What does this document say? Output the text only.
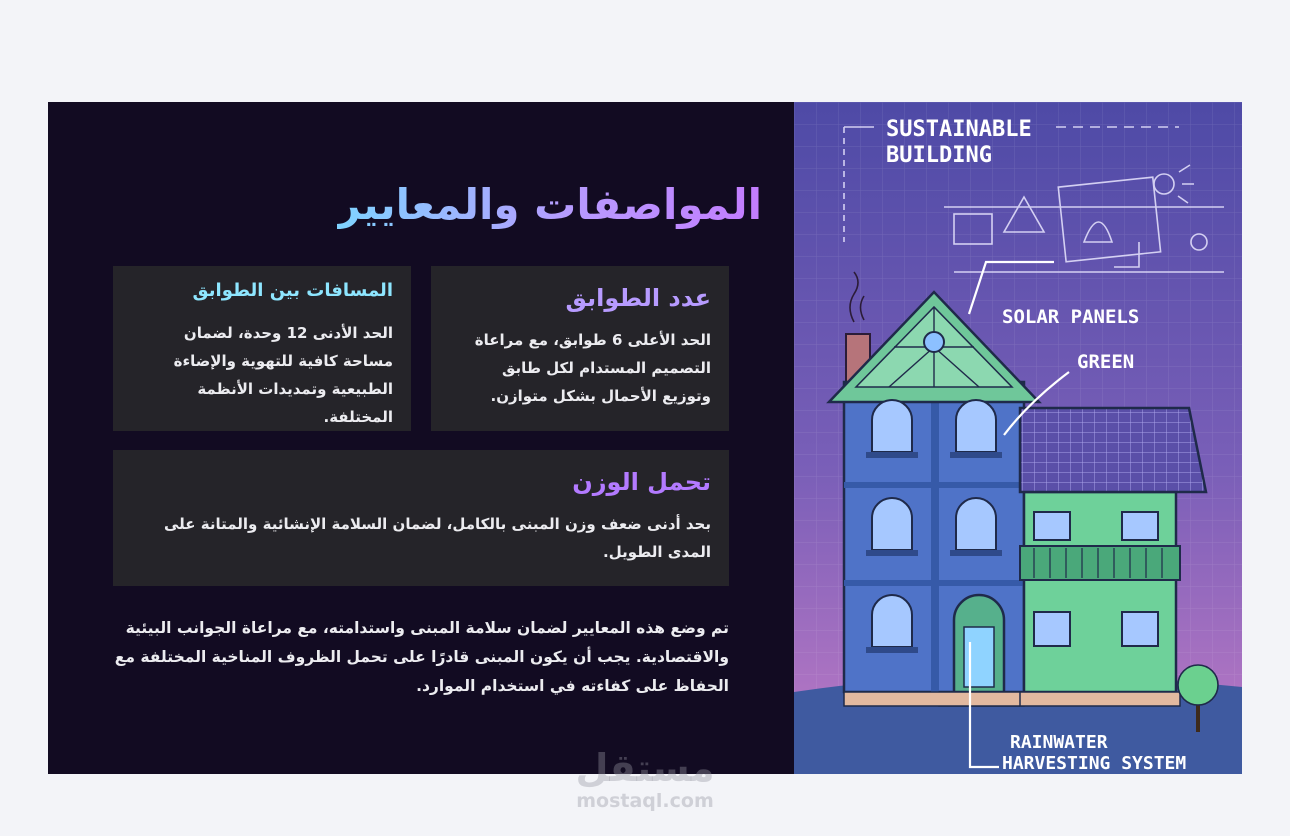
المواصفات والمعايير
عدد الطوابق

الحد الأعلى 6 طوابق، مع مراعاة التصميم المستدام لكل طابق وتوزيع الأحمال بشكل متوازن.

المسافات بين الطوابق

الحد الأدنى 12 وحدة، لضمان مساحة كافية للتهوية والإضاءة الطبيعية وتمديدات الأنظمة المختلفة.

تحمل الوزن

بحد أدنى ضعف وزن المبنى بالكامل، لضمان السلامة الإنشائية والمتانة على المدى الطويل.

تم وضع هذه المعايير لضمان سلامة المبنى واستدامته، مع مراعاة الجوانب البيئية والاقتصادية. يجب أن يكون المبنى قادرًا على تحمل الظروف المناخية المختلفة مع الحفاظ على كفاءته في استخدام الموارد.

SUSTAINABLE
BUILDING
SOLAR PANELS
GREEN
RAINWATER
HARVESTING SYSTEM
مستقل
mostaql.com
